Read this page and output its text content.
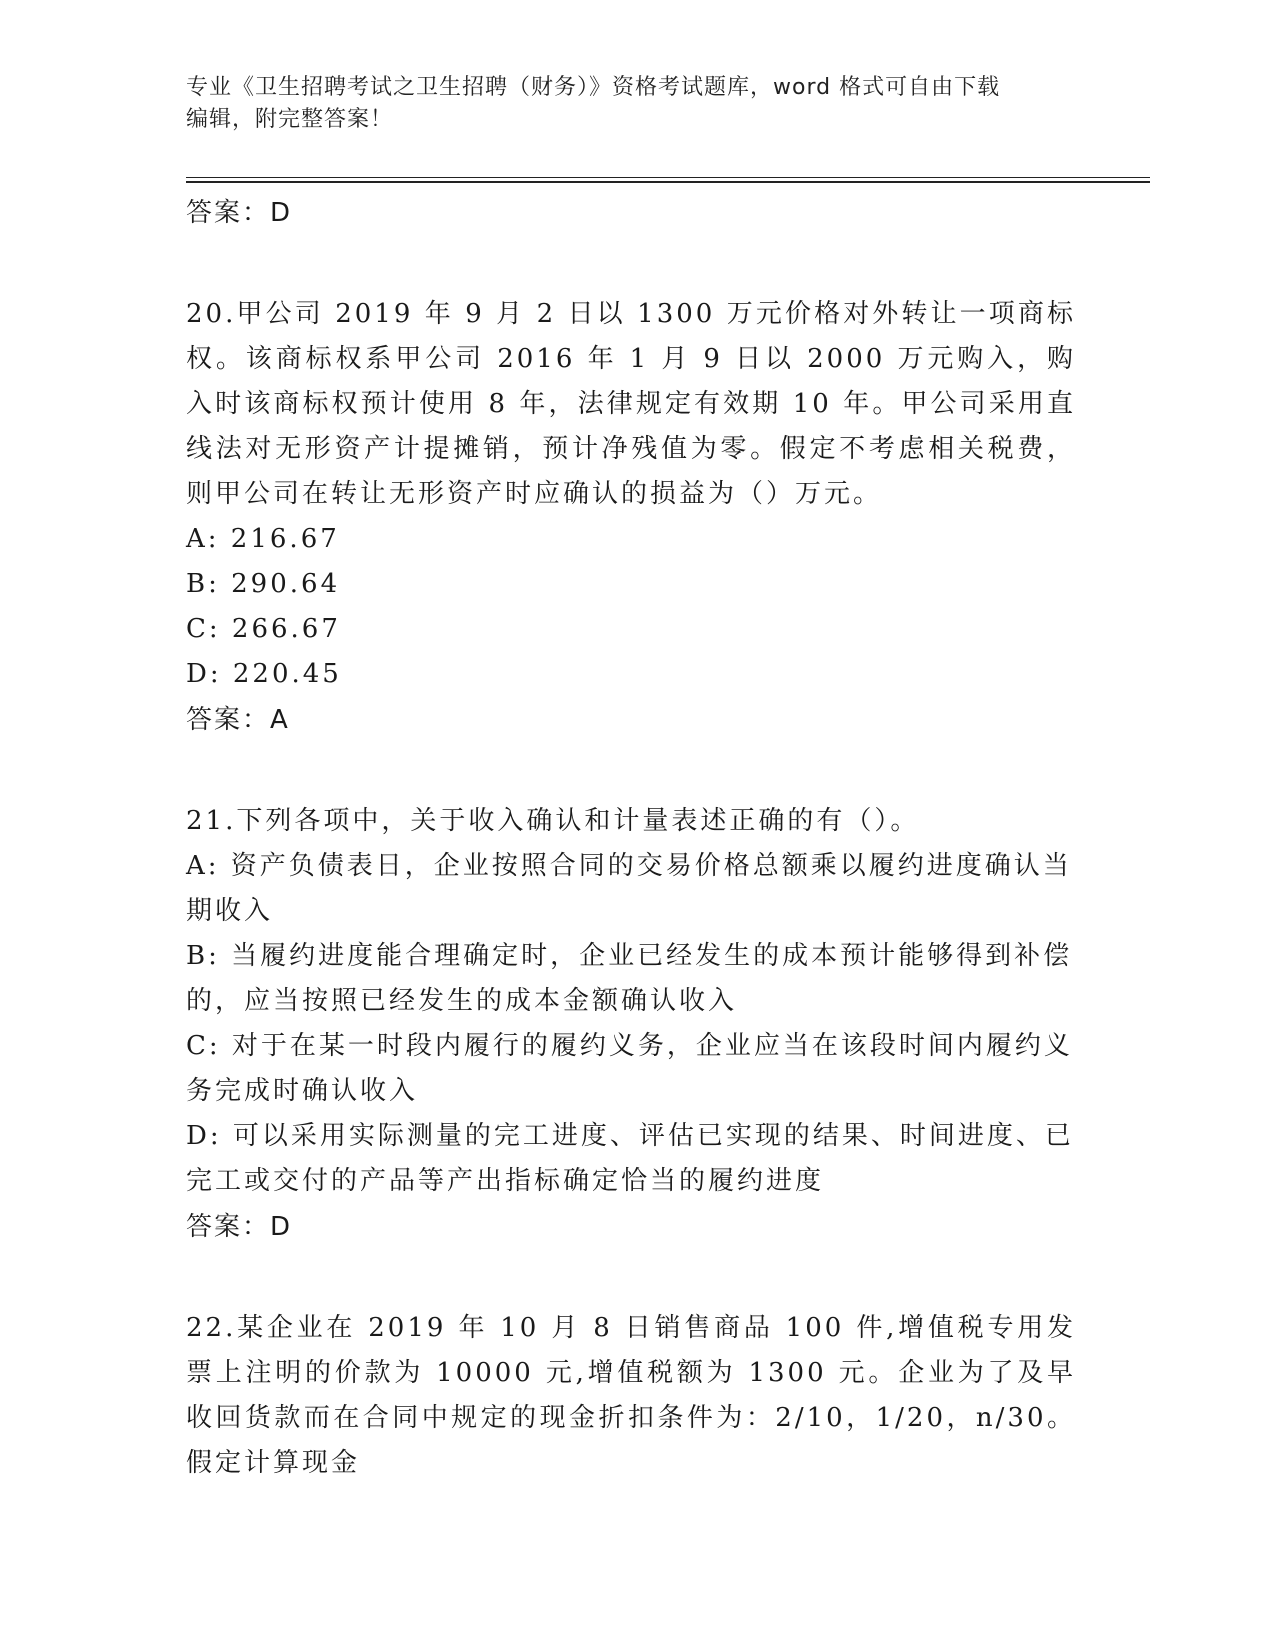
专业《卫生招聘考试之卫生招聘（财务）》资格考试题库，word 格式可自由下载
编辑，附完整答案！

答案：D

20.甲公司 2019 年 9 月 2 日以 1300 万元价格对外转让一项商标权。该商标权系甲公司 2016 年 1 月 9 日以 2000 万元购入，购入时该商标权预计使用 8 年，法律规定有效期 10 年。甲公司采用直线法对无形资产计提摊销，预计净残值为零。假定不考虑相关税费，则甲公司在转让无形资产时应确认的损益为（）万元。

A: 216.67

B: 290.64

C: 266.67

D: 220.45

答案：A

21.下列各项中，关于收入确认和计量表述正确的有（）。

A: 资产负债表日，企业按照合同的交易价格总额乘以履约进度确认当期收入

B: 当履约进度能合理确定时，企业已经发生的成本预计能够得到补偿的，应当按照已经发生的成本金额确认收入

C: 对于在某一时段内履行的履约义务，企业应当在该段时间内履约义务完成时确认收入

D: 可以采用实际测量的完工进度、评估已实现的结果、时间进度、已完工或交付的产品等产出指标确定恰当的履约进度

答案：D

22.某企业在 2019 年 10 月 8 日销售商品 100 件,增值税专用发票上注明的价款为 10000 元,增值税额为 1300 元。企业为了及早收回货款而在合同中规定的现金折扣条件为：2/10，1/20，n/30。假定计算现金
